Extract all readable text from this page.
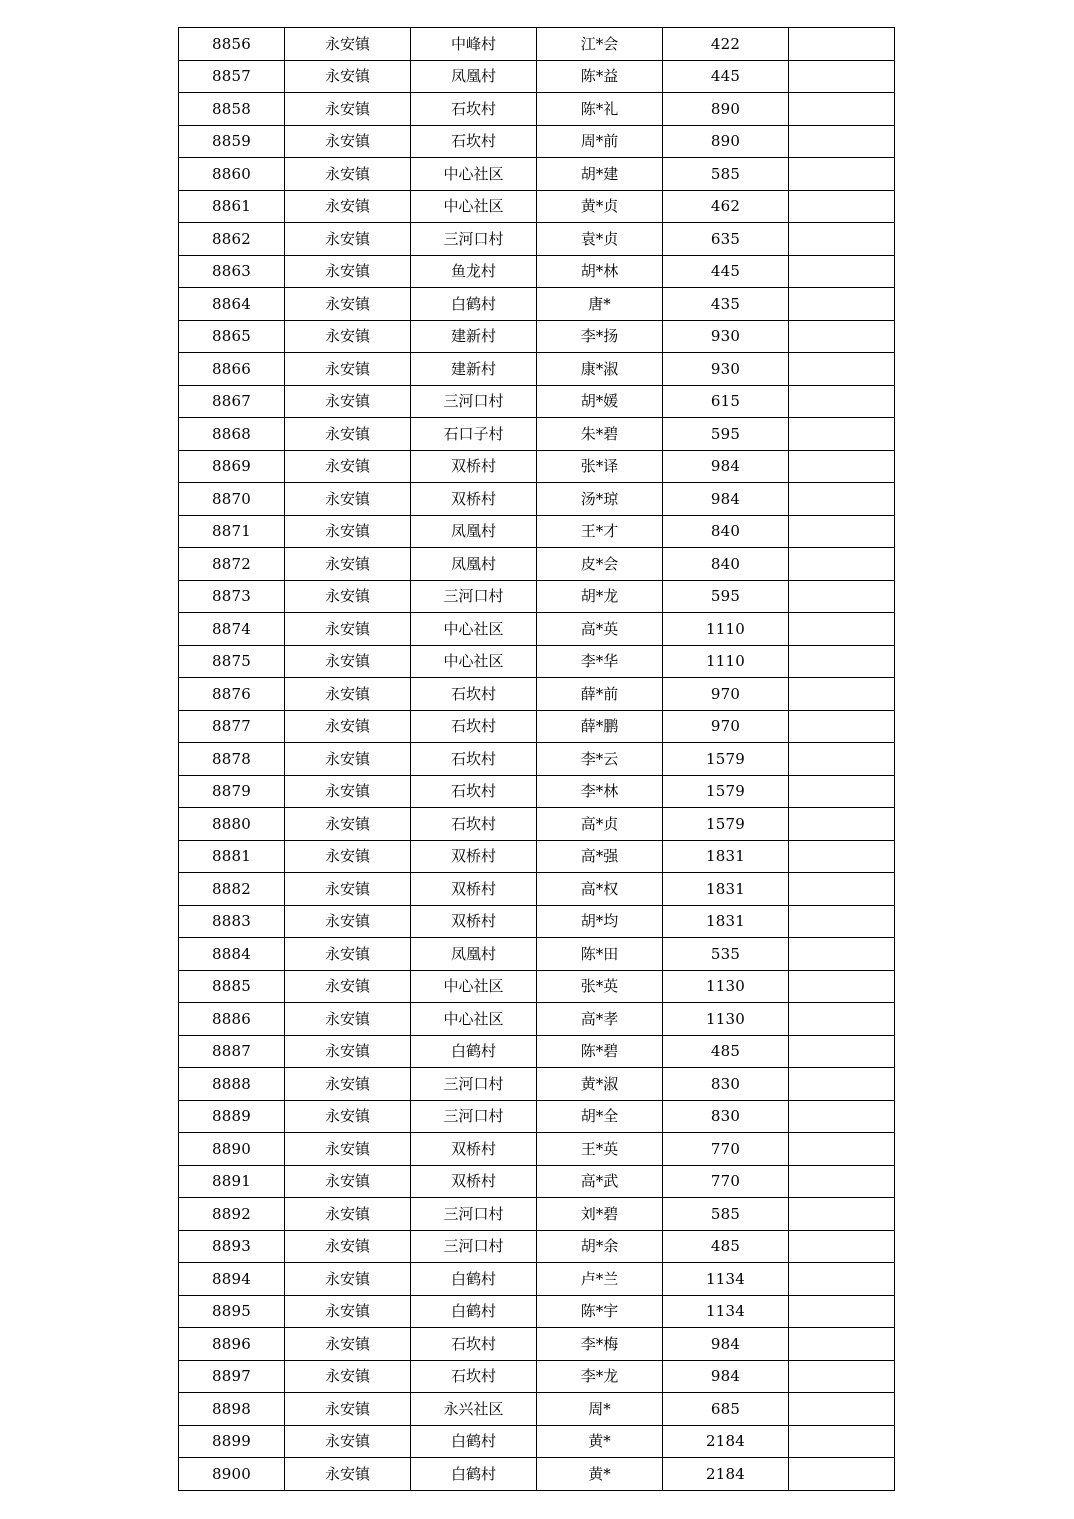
8856	永安镇	中峰村	江*会	422	
8857	永安镇	凤凰村	陈*益	445	
8858	永安镇	石坎村	陈*礼	890	
8859	永安镇	石坎村	周*前	890	
8860	永安镇	中心社区	胡*建	585	
8861	永安镇	中心社区	黄*贞	462	
8862	永安镇	三河口村	袁*贞	635	
8863	永安镇	鱼龙村	胡*林	445	
8864	永安镇	白鹤村	唐*	435	
8865	永安镇	建新村	李*扬	930	
8866	永安镇	建新村	康*淑	930	
8867	永安镇	三河口村	胡*媛	615	
8868	永安镇	石口子村	朱*碧	595	
8869	永安镇	双桥村	张*译	984	
8870	永安镇	双桥村	汤*琼	984	
8871	永安镇	凤凰村	王*才	840	
8872	永安镇	凤凰村	皮*会	840	
8873	永安镇	三河口村	胡*龙	595	
8874	永安镇	中心社区	高*英	1110	
8875	永安镇	中心社区	李*华	1110	
8876	永安镇	石坎村	薛*前	970	
8877	永安镇	石坎村	薛*鹏	970	
8878	永安镇	石坎村	李*云	1579	
8879	永安镇	石坎村	李*林	1579	
8880	永安镇	石坎村	高*贞	1579	
8881	永安镇	双桥村	高*强	1831	
8882	永安镇	双桥村	高*权	1831	
8883	永安镇	双桥村	胡*均	1831	
8884	永安镇	凤凰村	陈*田	535	
8885	永安镇	中心社区	张*英	1130	
8886	永安镇	中心社区	高*孝	1130	
8887	永安镇	白鹤村	陈*碧	485	
8888	永安镇	三河口村	黄*淑	830	
8889	永安镇	三河口村	胡*全	830	
8890	永安镇	双桥村	王*英	770	
8891	永安镇	双桥村	高*武	770	
8892	永安镇	三河口村	刘*碧	585	
8893	永安镇	三河口村	胡*余	485	
8894	永安镇	白鹤村	卢*兰	1134	
8895	永安镇	白鹤村	陈*宇	1134	
8896	永安镇	石坎村	李*梅	984	
8897	永安镇	石坎村	李*龙	984	
8898	永安镇	永兴社区	周*	685	
8899	永安镇	白鹤村	黄*	2184	
8900	永安镇	白鹤村	黄*	2184	
